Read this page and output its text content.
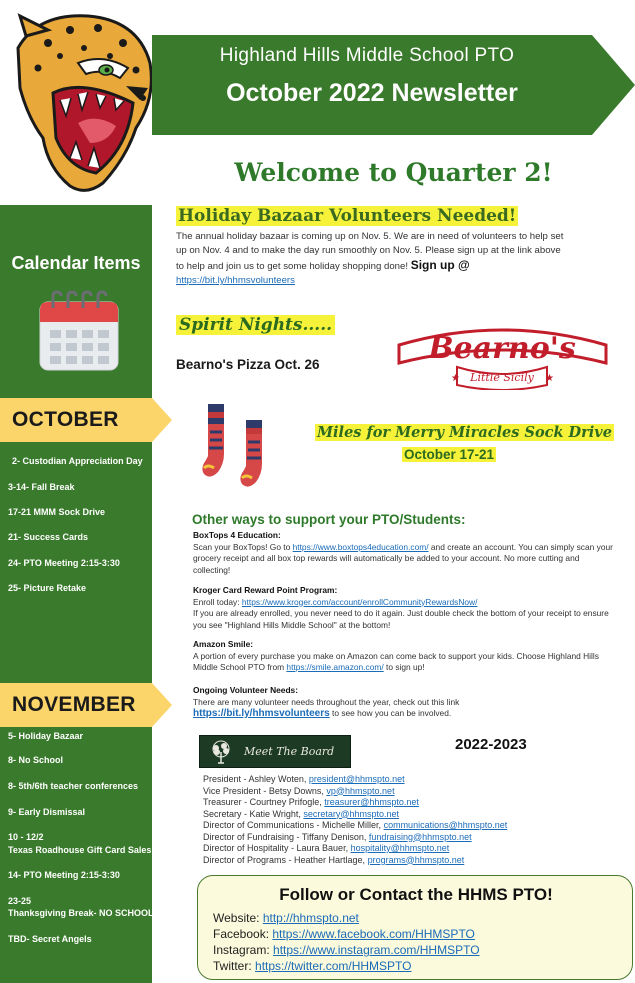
Highland Hills Middle School PTO
October 2022 Newsletter
Calendar Items
OCTOBER
2- Custodian Appreciation Day
3-14- Fall Break
17-21 MMM Sock Drive
21- Success Cards
24- PTO Meeting 2:15-3:30
25- Picture Retake
NOVEMBER
5- Holiday Bazaar
8- No School
8- 5th/6th teacher conferences
9- Early Dismissal
10 - 12/2
Texas Roadhouse Gift Card Sales
14- PTO Meeting 2:15-3:30
23-25
Thanksgiving Break- NO SCHOOL
TBD- Secret Angels
Welcome to Quarter 2!
Holiday Bazaar Volunteers Needed!
The annual holiday bazaar is coming up on Nov. 5. We are in need of volunteers to help set up on Nov. 4 and to make the day run smoothly on Nov. 5. Please sign up at the link above to help and join us to get some holiday shopping done! Sign up @ https://bit.ly/hhmsvolunteers
Spirit Nights.....
Bearno's Pizza Oct. 26	Bearno's
Little Sicily
★	★
Miles for Merry Miracles Sock Drive
October 17-21
Other ways to support your PTO/Students:
BoxTops 4 Education:
Scan your BoxTops! Go to https://www.boxtops4education.com/ and create an account. You can simply scan your grocery receipt and all box top rewards will automatically be added to your account. No more cutting and collecting!
Kroger Card Reward Point Program:
Enroll today: https://www.kroger.com/account/enrollCommunityRewardsNow/
If you are already enrolled, you never need to do it again. Just double check the bottom of your receipt to ensure you see "Highland Hills Middle School" at the bottom!
Amazon Smile:
A portion of every purchase you make on Amazon can come back to support your kids. Choose Highland Hills Middle School PTO from https://smile.amazon.com/ to sign up!
Ongoing Volunteer Needs:
There are many volunteer needs throughout the year, check out this link
https://bit.ly/hhmsvolunteers to see how you can be involved.
Meet The Board	2022-2023
President - Ashley Woten, president@hhmspto.net
Vice President - Betsy Downs, vp@hhmspto.net
Treasurer - Courtney Prifogle, treasurer@hhmspto.net
Secretary - Katie Wright, secretary@hhmspto.net
Director of Communications - Michelle Miller, communications@hhmspto.net
Director of Fundraising - Tiffany Denison, fundraising@hhmspto.net
Director of Hospitality - Laura Bauer, hospitality@hhmspto.net
Director of Programs - Heather Hartlage, programs@hhmspto.net
Follow or Contact the HHMS PTO!
Website: http://hhmspto.net
Facebook: https://www.facebook.com/HHMSPTO
Instagram: https://www.instagram.com/HHMSPTO
Twitter: https://twitter.com/HHMSPTO
